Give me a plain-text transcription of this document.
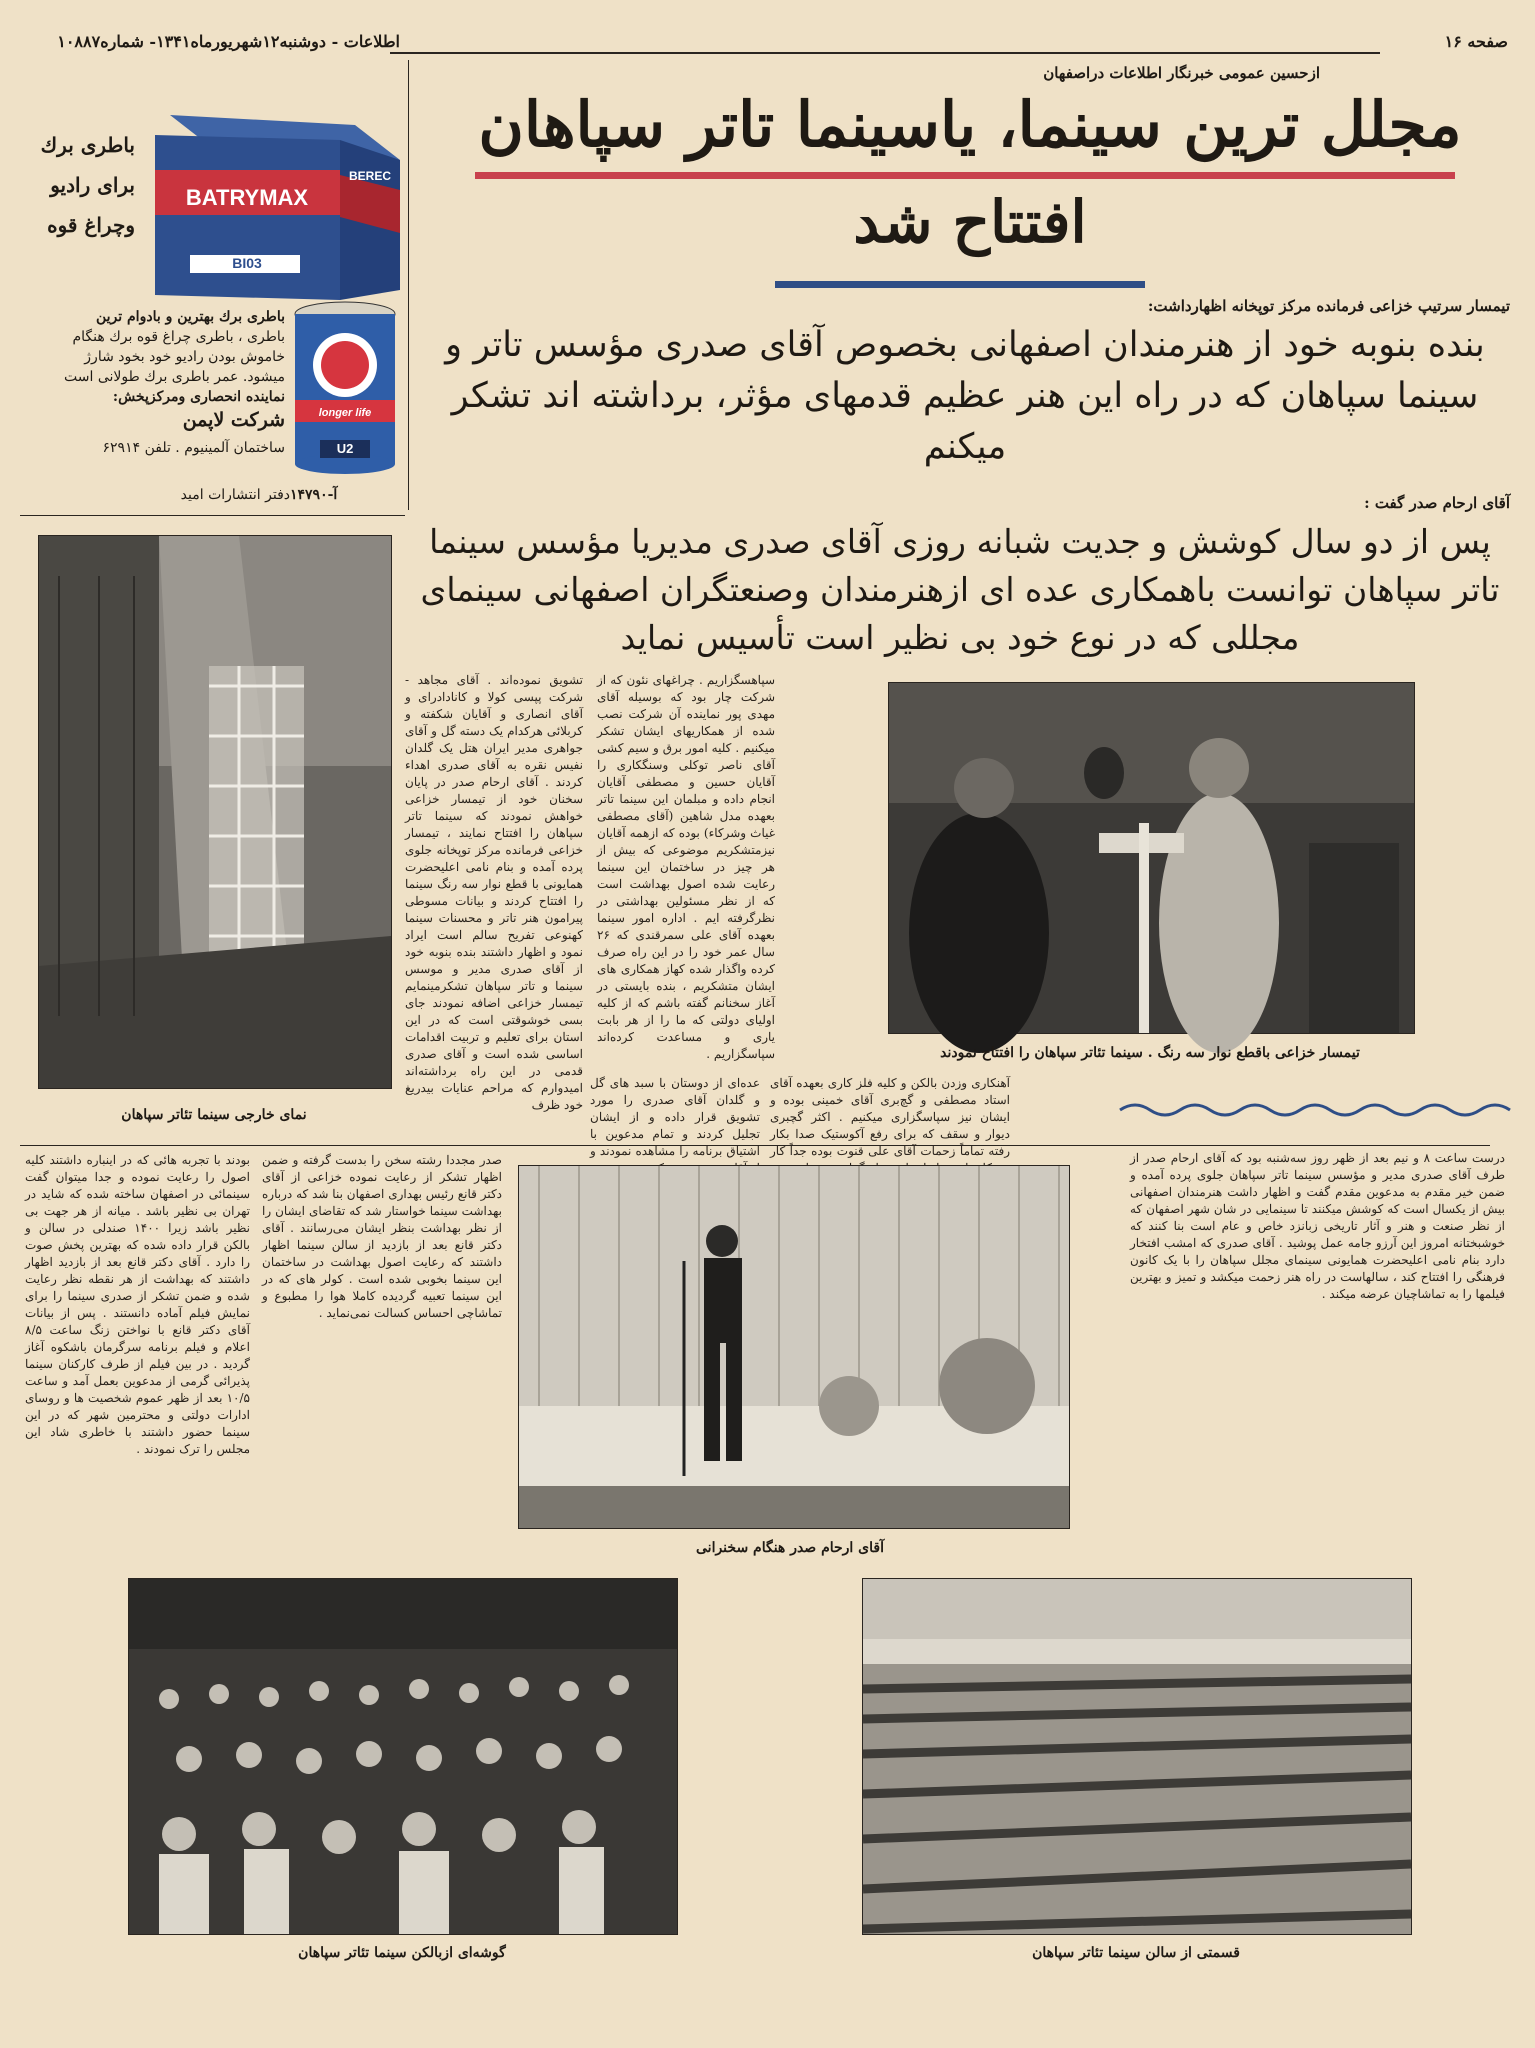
صفحه ۱۶
اطلاعات - دوشنبه۱۲شهریورماه۱۳۴۱- شماره۱۰۸۸۷
ازحسین عمومی خبرنگار اطلاعات دراصفهان
مجلل ترین سینما، یاسینما تاتر سپاهان
افتتاح شد
تیمسار سرتیپ خزاعی فرمانده مرکز توپخانه اظهارداشت:
بنده بنوبه خود از هنرمندان اصفهانی بخصوص آقای صدری مؤسس تاتر و سینما سپاهان که در راه این هنر عظیم قدمهای مؤثر، برداشته اند تشکر میکنم
آقای ارحام صدر گفت :
پس از دو سال کوشش و جدیت شبانه روزی آقای صدری مدیریا مؤسس سینما تاتر سپاهان توانست باهمکاری عده ای ازهنرمندان وصنعتگران اصفهانی سینمای مجللی که در نوع خود بی نظیر است تأسیس نماید
BATRYMAX
BI03
BEREC
longer life
U2
باطری برك
برای رادیو
وچراغ قوه
باطری برك بهترین و بادوام ترین
باطری ، باطری چراغ قوه برك هنگام
خاموش بودن رادیو خود بخود شارژ
میشود. عمر باطری برك طولانی است
نماینده انحصاری ومرکزپخش:
شرکت لاپمن
ساختمان آلمینیوم . تلفن ۶۲۹۱۴
دفتر انتشارات امید آ-۱۴۷۹۰
نمای خارجی سینما تئاتر سپاهان
تشویق نموده‌اند . آقای مجاهد - شرکت پپسی کولا و کاناداد‌رای و آقای انصاری و آقایان شکفته و کربلائی هرکدام یک دسته گل و آقای جواهری مدیر ایران هتل یک گلدان نفیس نقره به آقای صدری اهداء کردند . آقای ارحام صدر در پایان سخنان خود از تیمسار خزاعی خواهش نمودند که سینما تاتر سپاهان را افتتاح نمایند ، تیمسار خزاعی فرمانده مرکز توپخانه جلوی پرده آمده و بنام نامی اعلیحضرت همایونی با قطع نوار سه رنگ سینما را افتتاح کردند و بیانات مسوطی پیرامون هنر تاتر و محسنات سینما کهنوعی تفریح سالم است ایراد نمود و اظهار داشتند بنده بنوبه خود از آقای صدری مدیر و موسس سینما و تاتر سپاهان تشکرمینمایم تیمسار خزاعی اضافه نمودند جای بسی خوشوقتی است که در این استان برای تعلیم و تربیت اقدامات اساسی شده است و آقای صدری قدمی در این راه برداشته‌اند امیدوارم که مراحم عنایات بیدریغ خود ظرف
سپاهسگزاریم . چراغهای نئون که از شرکت چار بود که بوسیله آقای مهدی پور نماینده آن شرکت نصب شده از همکاریهای ایشان تشکر میکنیم . کلیه امور برق و سیم کشی آقای ناصر توکلی وسنگکاری را آقایان حسین و مصطفی آقایان انجام داده و مبلمان این سینما تاتر بعهده مدل شاهین (آقای مصطفی غیاث وشرکاء) بوده که ازهمه آقایان نیزمتشکریم موضوعی که بیش از هر چیز در ساختمان این سینما رعایت شده اصول بهداشت است که از نظر مسئولین بهداشتی در نظرگرفته ایم . اداره امور سینما بعهده آقای علی سمرقندی که ۲۶ سال عمر خود را در این راه صرف کرده واگذار شده کهاز همکاری های ایشان متشکریم ، بنده بایستی در آغاز سخنانم گفته باشم که از کلیه اولیای دولتی که ما را از هر بابت یاری و مساعدت کرده‌اند سپاسگزاریم .	تیمسار خزاعی باقطع نوار سه رنگ . سینما تئاتر سپاهان را افتتاح نمودند
آهنکاری وزدن بالکن و کلیه فلز کاری بعهده آقای استاد مصطفی و گچ‌بری آقای خمینی بوده و ایشان نیز سپاسگزاری میکنیم . اکثر گچبری دیوار و سقف که برای رفع آکوستیک صدا بکار رفته تماماً زحمات آقای علی قنوت بوده جداً کار
عده‌ای از دوستان با سبد های گل و گلدان آقای صدری را مورد تشویق قرار داده و از ایشان تجلیل کردند و تمام مدعوین با اشتیاق برنامه را مشاهده نمودند و
بودند با تجربه هائی که در اینباره داشتند کلیه اصول را رعایت نموده و جدا میتوان گفت سینمائی در اصفهان ساخته شده که شاید در تهران بی نظیر باشد . میانه از هر جهت بی نظیر باشد زیرا ۱۴۰۰ صندلی در سالن و بالکن قرار داده شده که بهترین پخش صوت را دارد . آقای دکتر قانع بعد از بازدید اظهار داشتند که بهداشت از هر نقطه نظر رعایت شده و ضمن تشکر از صدری سینما را برای نمایش فیلم آماده دانستند . پس از بیانات آقای دکتر قانع با نواختن زنگ ساعت ۸/۵ اعلام و فیلم برنامه سرگرمان باشکوه آغاز گردید . در بین فیلم از طرف کارکنان سینما پذیرائی گرمی از مدعوین بعمل آمد و ساعت ۱۰/۵ بعد از ظهر عموم شخصیت ها و روسای ادارات دولتی و محترمین شهر که در این سینما حضور داشتند با خاطری شاد این مجلس را ترک نمودند .
صدر مجددا رشته سخن را بدست گرفته و ضمن اظهار تشکر از رعایت نموده خزاعی از آقای دکتر قانع رئیس بهداری اصفهان بنا شد که درباره بهداشت سینما خواستار شد که تقاضای ایشان را از نظر بهداشت بنظر ایشان می‌رسانند . آقای دکتر قانع بعد از بازدید از سالن سینما اظهار داشتند که رعایت اصول بهداشت در ساختمان این سینما بخوبی شده است . کولر های که در این سینما تعبیه گردیده کاملا هوا را مطبوع و تماشاچی احساس کسالت نمی‌نماید .
درست ساعت ۸ و نیم بعد از ظهر روز سه‌شنبه بود که آقای ارحام صدر از طرف آقای صدری مدیر و مؤسس سینما تاتر سپاهان جلوی پرده آمده و ضمن خیر مقدم به مدعوین مقدم گفت و اظهار داشت هنرمندان اصفهانی بیش از یکسال است که کوشش میکنند تا سینمایی در شان شهر اصفهان که از نظر صنعت و هنر و آثار تاریخی زبانزد خاص و عام است بنا کنند که خوشبختانه امروز این آرزو جامه عمل پوشید . آقای صدری که امشب افتخار دارد بنام نامی اعلیحضرت همایونی سینمای مجلل سپاهان را با یک کانون فرهنگی را افتتاح کند ، سالهاست در راه هنر زحمت میکشد و تمیز و بهترین فیلمها را به تماشاچیان عرضه میکند .
آقای ارحام صدر هنگام سخنرانی
گوشه‌ای ازبالکن سینما تئاتر سپاهان	قسمتی از سالن سینما تئاتر سپاهان
